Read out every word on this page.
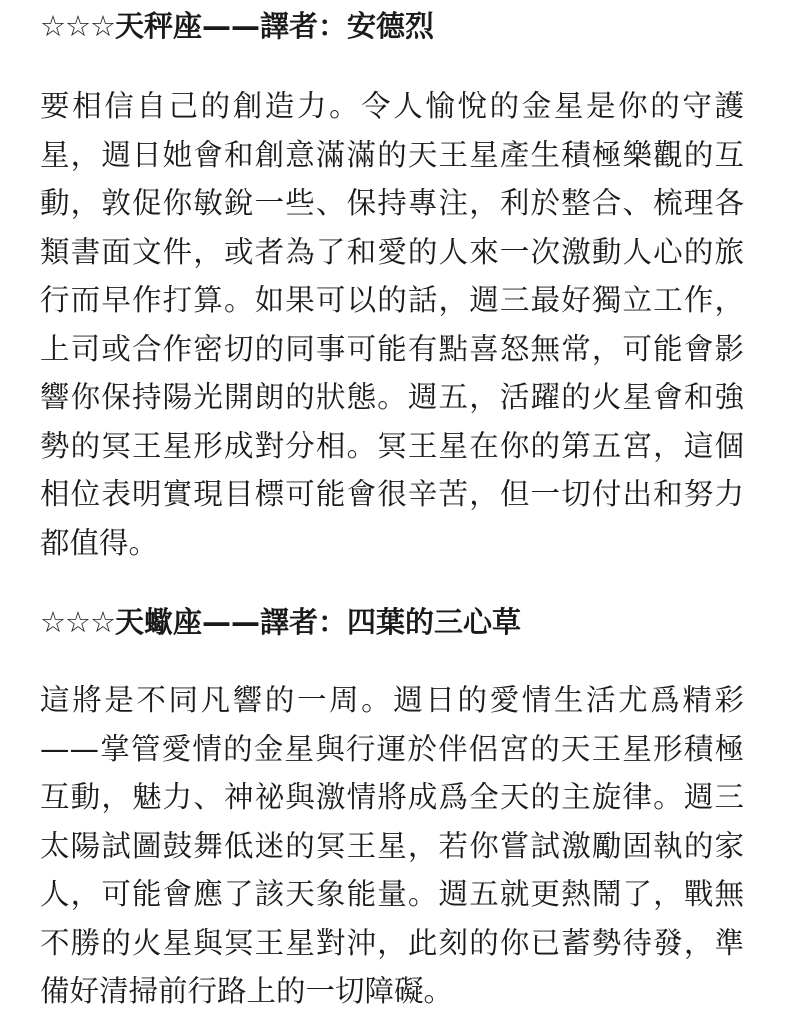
☆☆☆天秤座——譯者：安德烈

要相信自己的創造力。令人愉悅的金星是你的守護星，週日她會和創意滿滿的天王星產生積極樂觀的互動，敦促你敏銳一些、保持專注，利於整合、梳理各類書面文件，或者為了和愛的人來一次激動人心的旅行而早作打算。如果可以的話，週三最好獨立工作，上司或合作密切的同事可能有點喜怒無常，可能會影響你保持陽光開朗的狀態。週五，活躍的火星會和強勢的冥王星形成對分相。冥王星在你的第五宮，這個相位表明實現目標可能會很辛苦，但一切付出和努力都值得。

☆☆☆天蠍座——譯者：四葉的三心草

這將是不同凡響的一周。週日的愛情生活尤爲精彩——掌管愛情的金星與行運於伴侶宮的天王星形積極互動，魅力、神祕與激情將成爲全天的主旋律。週三太陽試圖鼓舞低迷的冥王星，若你嘗試激勵固執的家人，可能會應了該天象能量。週五就更熱鬧了，戰無不勝的火星與冥王星對沖，此刻的你已蓄勢待發，準備好清掃前行路上的一切障礙。
